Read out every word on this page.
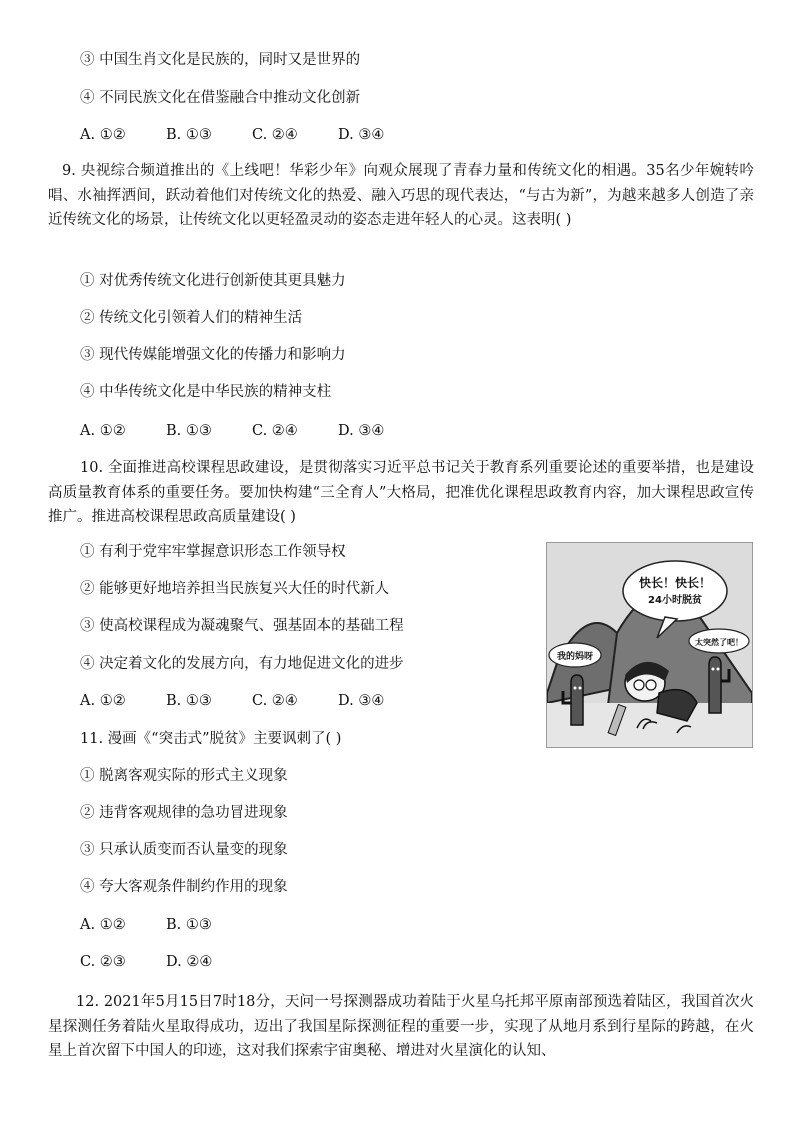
③ 中国生肖文化是民族的，同时又是世界的
④ 不同民族文化在借鉴融合中推动文化创新
A. ①②	B. ①③	C. ②④	D. ③④
9. 央视综合频道推出的《上线吧！华彩少年》向观众展现了青春力量和传统文化的相遇。35名少年婉转吟唱、水袖挥洒间，跃动着他们对传统文化的热爱、融入巧思的现代表达，“与古为新”，为越来越多人创造了亲近传统文化的场景，让传统文化以更轻盈灵动的姿态走进年轻人的心灵。这表明( )
① 对优秀传统文化进行创新使其更具魅力
② 传统文化引领着人们的精神生活
③ 现代传媒能增强文化的传播力和影响力
④ 中华传统文化是中华民族的精神支柱
A. ①②	B. ①③	C. ②④	D. ③④
10. 全面推进高校课程思政建设，是贯彻落实习近平总书记关于教育系列重要论述的重要举措，也是建设高质量教育体系的重要任务。要加快构建“三全育人”大格局，把准优化课程思政教育内容，加大课程思政宣传推广。推进高校课程思政高质量建设( )
① 有利于党牢牢掌握意识形态工作领导权
② 能够更好地培养担当民族复兴大任的时代新人
③ 使高校课程成为凝魂聚气、强基固本的基础工程
④ 决定着文化的发展方向，有力地促进文化的进步
A. ①②	B. ①③	C. ②④	D. ③④
11. 漫画《“突击式”脱贫》主要讽刺了( )
① 脱离客观实际的形式主义现象
② 违背客观规律的急功冒进现象
③ 只承认质变而否认量变的现象
④ 夸大客观条件制约作用的现象
A. ①②	B. ①③
C. ②③	D. ②④
快长！快长！
24小时脱贫
我的妈呀
太突然了吧！
12. 2021年5月15日7时18分，天问一号探测器成功着陆于火星乌托邦平原南部预选着陆区，我国首次火星探测任务着陆火星取得成功，迈出了我国星际探测征程的重要一步，实现了从地月系到行星际的跨越，在火星上首次留下中国人的印迹，这对我们探索宇宙奥秘、增进对火星演化的认知、
